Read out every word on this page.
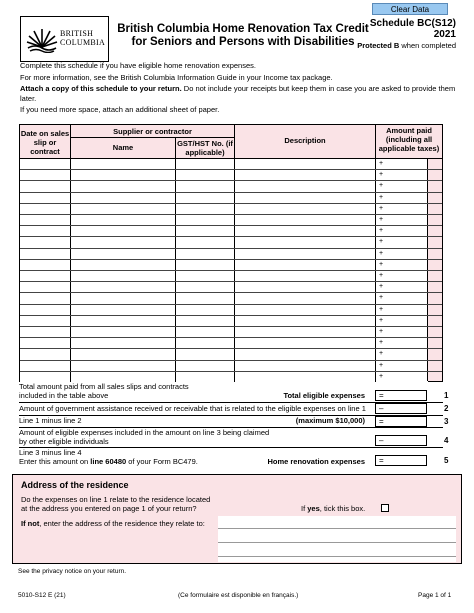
Clear Data
BRITISH
COLUMBIA
British Columbia Home Renovation Tax Credit
for Seniors and Persons with Disabilities
Schedule BC(S12)
2021
Protected B when completed

Complete this schedule if you have eligible home renovation expenses.

For more information, see the British Columbia Information Guide in your Income tax package.

Attach a copy of this schedule to your return. Do not include your receipts but keep them in case you are asked to provide them later.

If you need more space, attach an additional sheet of paper.

Date on sales slip or contract
Supplier or contractor
Name	GST/HST No. (if applicable)
Description
Amount paid (including all applicable taxes)
+
+
+
+
+
+
+
+
+
+
+
+
+
+
+
+
+
+
+
+
Total amount paid from all sales slips and contracts
included in the table above	Total eligible expenses	=	1
Amount of government assistance received or receivable that is related to the eligible expenses on line 1	–	2
Line 1 minus line 2	(maximum $10,000)	=	3
Amount of eligible expenses included in the amount on line 3 being claimed
by other eligible individuals	–	4
Line 3 minus line 4
Enter this amount on line 60480 of your Form BC479.	Home renovation expenses	=	5
Address of the residence
Do the expenses on line 1 relate to the residence located
at the address you entered on page 1 of your return?	If yes, tick this box.
If not, enter the address of the residence they relate to:
See the privacy notice on your return.
5010-S12 E (21)	(Ce formulaire est disponible en français.)	Page 1 of 1
